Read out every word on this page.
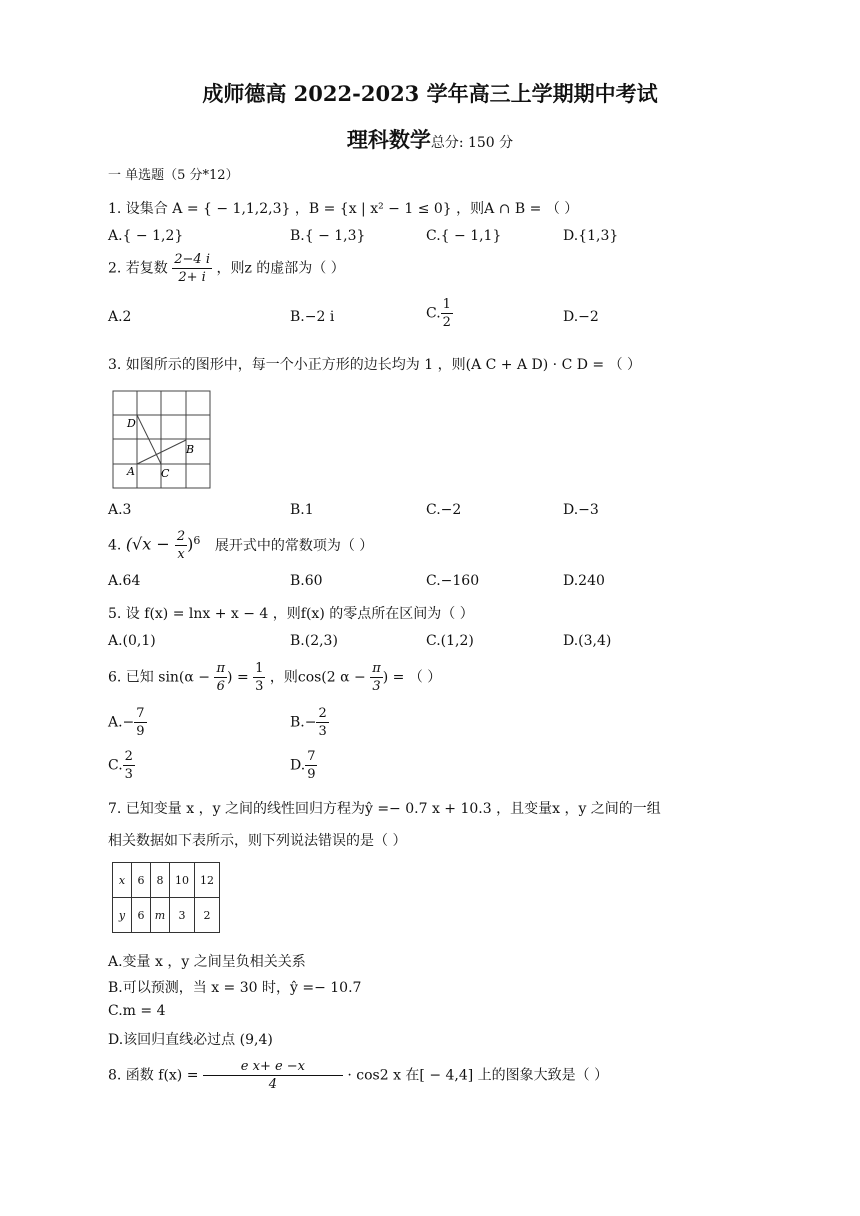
成师德高 2022-2023 学年高三上学期期中考试
理科数学总分: 150 分
一 单选题（5 分*12）
1. 设集合 A = { − 1,1,2,3} ，B = {x | x² − 1 ≤ 0} ，则A ∩ B = （ ）
A.{ − 1,2}	B.{ − 1,3}	C.{ − 1,1}	D.{1,3}
2. 若复数 $\frac{2-4 i}{2+ i}$ ，则z 的虚部为（ ）
A.2	B.−2 i	C. $\frac{1}{2}$	D.−2
3. 如图所示的图形中，每一个小正方形的边长均为 1 ，则(A C + A D) · C D = （ ）
D
B
A C
A.3	B.1	C.−2	D.−3
4. $(√x - \frac{2}{x} )^6$ 展开式中的常数项为（ ）
A.64	B.60	C.−160	D.240
5. 设 f(x) = lnx + x − 4 ，则f(x) 的零点所在区间为（ ）
A.(0,1)	B.(2,3)	C.(1,2)	D.(3,4)
6. 已知 $\sin(\alpha - \frac{\pi}{6}$ ) = $\frac{1}{3}$ ，则cos(2 $\alpha - \frac{\pi}{3}$ ) = （ ）
$A.- \frac{7}{9}$	$B.- \frac{2}{3}$
C. $\frac{2}{3}$	D. $\frac{7}{9}$
7. 已知变量 x ，y 之间的线性回归方程为ŷ =− 0.7 x + 10.3 ，且变量x ，y 之间的一组
相关数据如下表所示，则下列说法错误的是（ ）
x	6	8	10	12
y	6	m	3	2
A.变量 x ，y 之间呈负相关关系
B.可以预测，当 x = 30 时，ŷ =− 10.7
C.m = 4
D.该回归直线必过点 (9,4)
8. 函数 $f(x) = \frac{\text{e x+ e −x}}{4} \cdot \cos 2$ x 在[ − 4,4] 上的图象大致是（ ）
